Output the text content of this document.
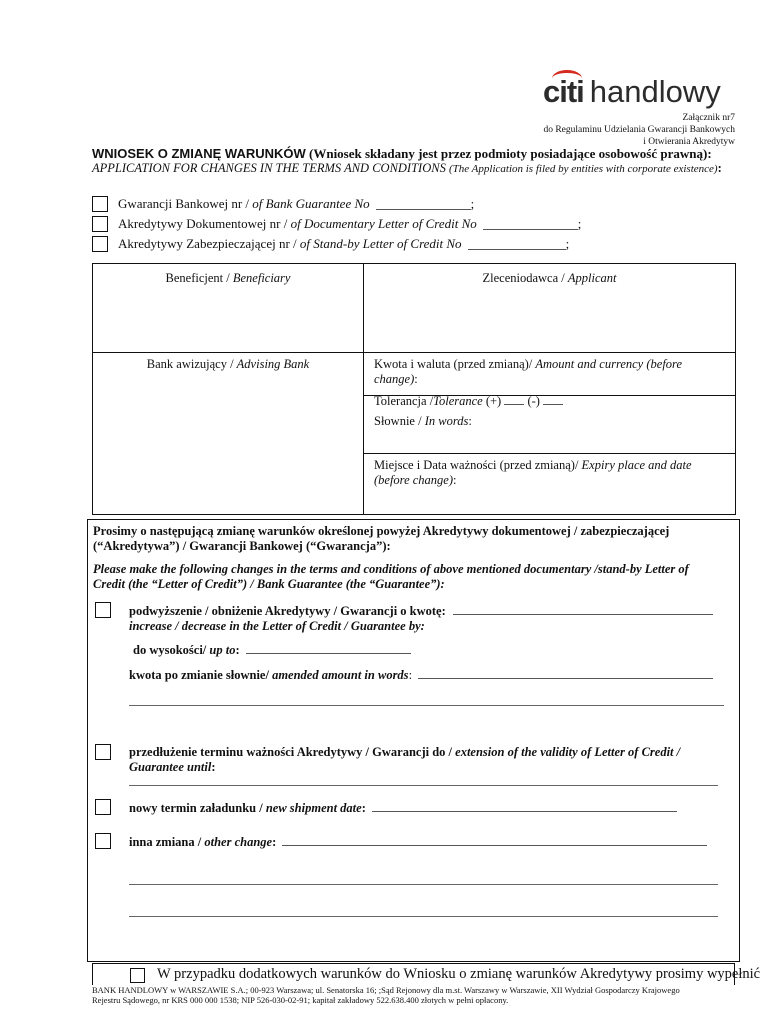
citi handlowy
Załącznik nr7
do Regulaminu Udzielania Gwarancji Bankowych
i Otwierania Akredytyw
WNIOSEK O ZMIANĘ WARUNKÓW (Wniosek składany jest przez podmioty posiadające osobowość prawną):
APPLICATION FOR CHANGES IN THE TERMS AND CONDITIONS (The Application is filed by entities with corporate existence):
Gwarancji Bankowej nr /
of Bank Guarantee No	;
Akredytywy Dokumentowej nr /
of Documentary Letter of Credit No	;
Akredytywy Zabezpieczającej nr /
of Stand-by Letter of Credit No	;
Beneficjent / Beneficiary	Zleceniodawca / Applicant
Bank awizujący / Advising Bank	Kwota i waluta (przed zmianą)/ Amount and currency (before change):
Tolerancja /Tolerance (+) (-)
Słownie / In words:
Miejsce i Data ważności (przed zmianą)/ Expiry place and date (before change):
Prosimy o następującą zmianę warunków określonej powyżej Akredytywy dokumentowej / zabezpieczającej (“Akredytywa”) / Gwarancji Bankowej (“Gwarancja”):
Please make the following changes in the terms and conditions of above mentioned documentary /stand-by Letter of Credit (the “Letter of Credit”) / Bank Guarantee (the “Guarantee”):
podwyższenie / obniżenie Akredytywy / Gwarancji o kwotę:
increase / decrease in the Letter of Credit / Guarantee by:
do wysokości/ up to:
kwota po zmianie słownie/ amended amount in words:
przedłużenie terminu ważności Akredytywy / Gwarancji do / extension of the validity of Letter of Credit / Guarantee until:
nowy termin załadunku / new shipment date:
inna zmiana / other change:
W przypadku dodatkowych warunków do Wniosku o zmianę warunków Akredytywy prosimy wypełnić
BANK HANDLOWY w WARSZAWIE S.A.; 00-923 Warszawa; ul. Senatorska 16; ;Sąd Rejonowy dla m.st. Warszawy w Warszawie, XII Wydział Gospodarczy Krajowego
Rejestru Sądowego, nr KRS 000 000 1538; NIP 526-030-02-91; kapitał zakładowy 522.638.400 złotych w pełni opłacony.
